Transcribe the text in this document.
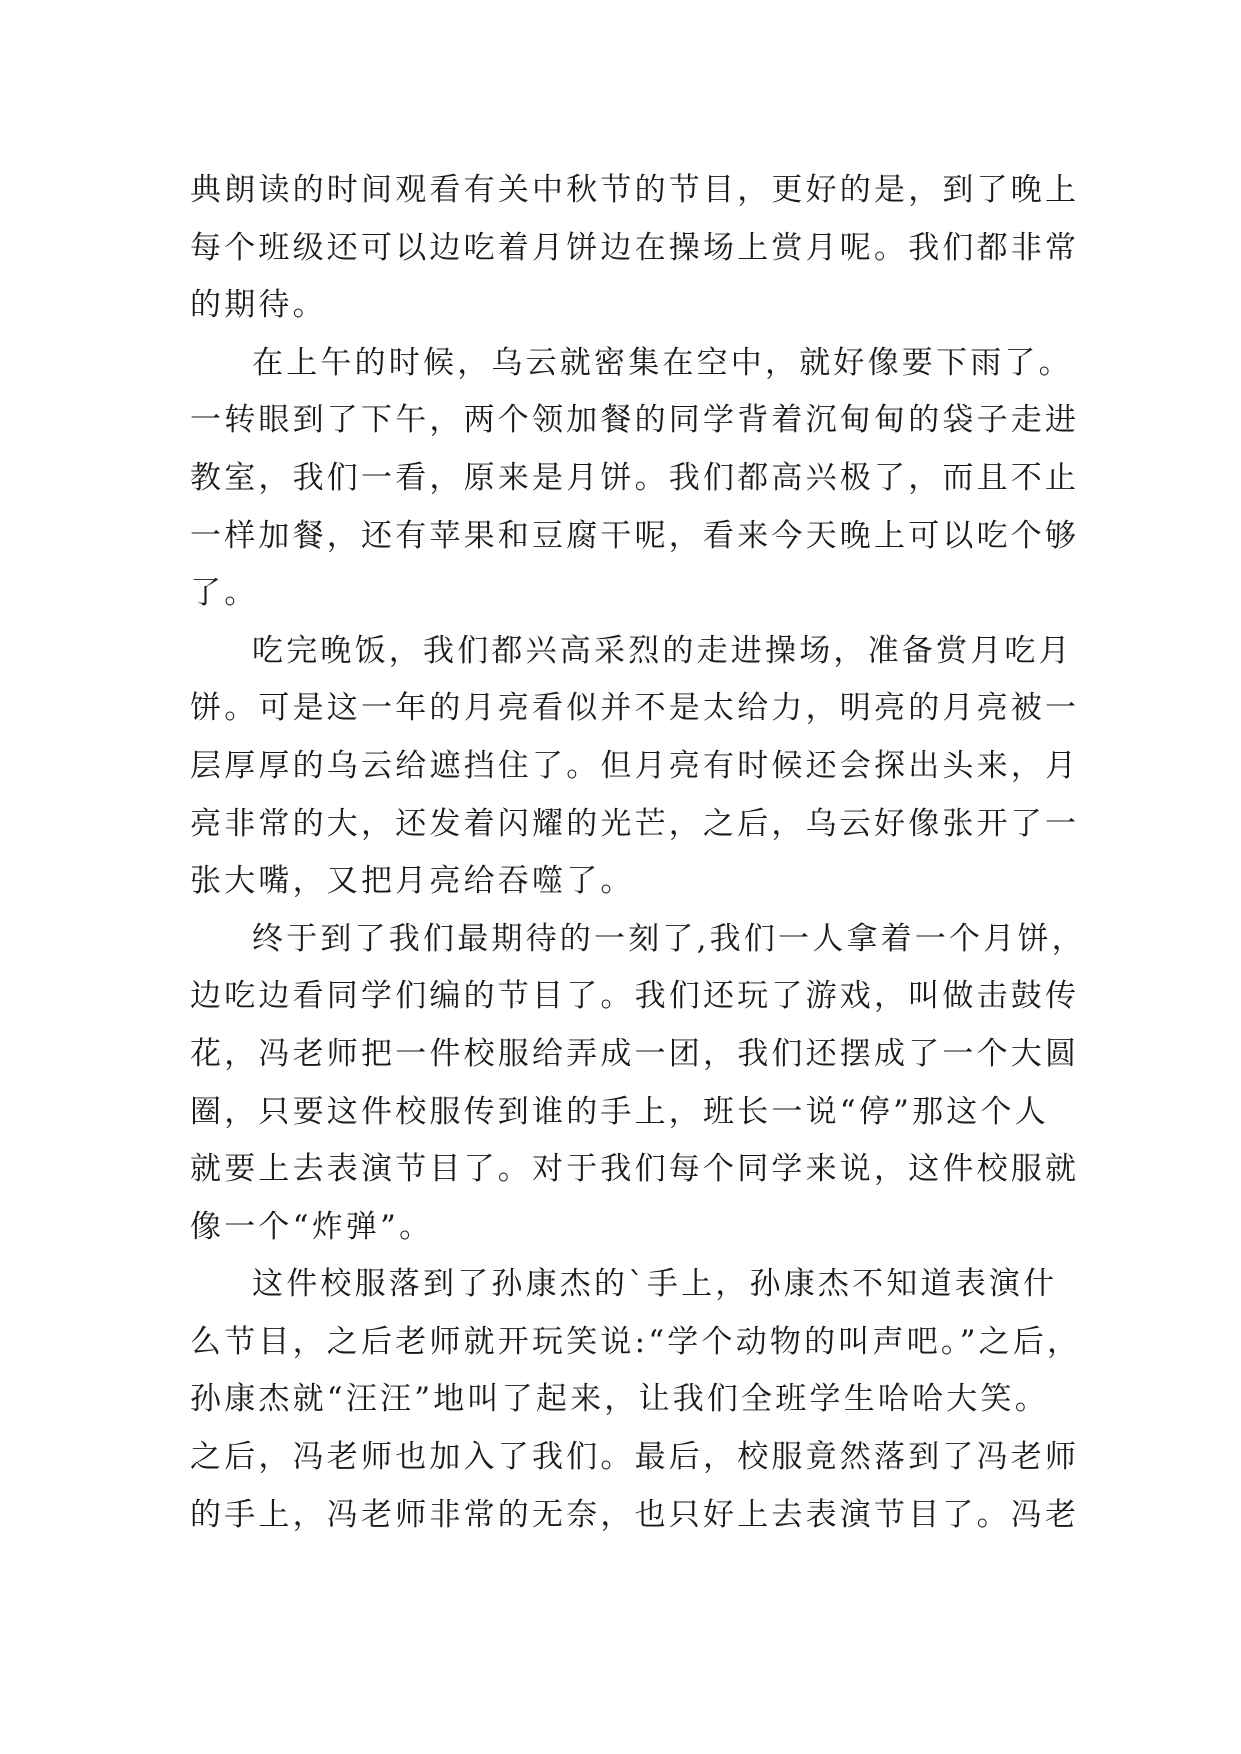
典朗读的时间观看有关中秋节的节目，更好的是，到了晚上
每个班级还可以边吃着月饼边在操场上赏月呢。我们都非常
的期待。
在上午的时候，乌云就密集在空中，就好像要下雨了。
一转眼到了下午，两个领加餐的同学背着沉甸甸的袋子走进
教室，我们一看，原来是月饼。我们都高兴极了，而且不止
一样加餐，还有苹果和豆腐干呢，看来今天晚上可以吃个够
了。
吃完晚饭，我们都兴高采烈的走进操场，准备赏月吃月
饼。可是这一年的月亮看似并不是太给力，明亮的月亮被一
层厚厚的乌云给遮挡住了。但月亮有时候还会探出头来，月
亮非常的大，还发着闪耀的光芒，之后，乌云好像张开了一
张大嘴，又把月亮给吞噬了。
终于到了我们最期待的一刻了,我们一人拿着一个月饼，
边吃边看同学们编的节目了。我们还玩了游戏，叫做击鼓传
花，冯老师把一件校服给弄成一团，我们还摆成了一个大圆
圈，只要这件校服传到谁的手上，班长一说“停”那这个人
就要上去表演节目了。对于我们每个同学来说，这件校服就
像一个“炸弹”。
这件校服落到了孙康杰的`手上，孙康杰不知道表演什
么节目，之后老师就开玩笑说:“学个动物的叫声吧。”之后，
孙康杰就“汪汪”地叫了起来，让我们全班学生哈哈大笑。
之后，冯老师也加入了我们。最后，校服竟然落到了冯老师
的手上，冯老师非常的无奈，也只好上去表演节目了。冯老
